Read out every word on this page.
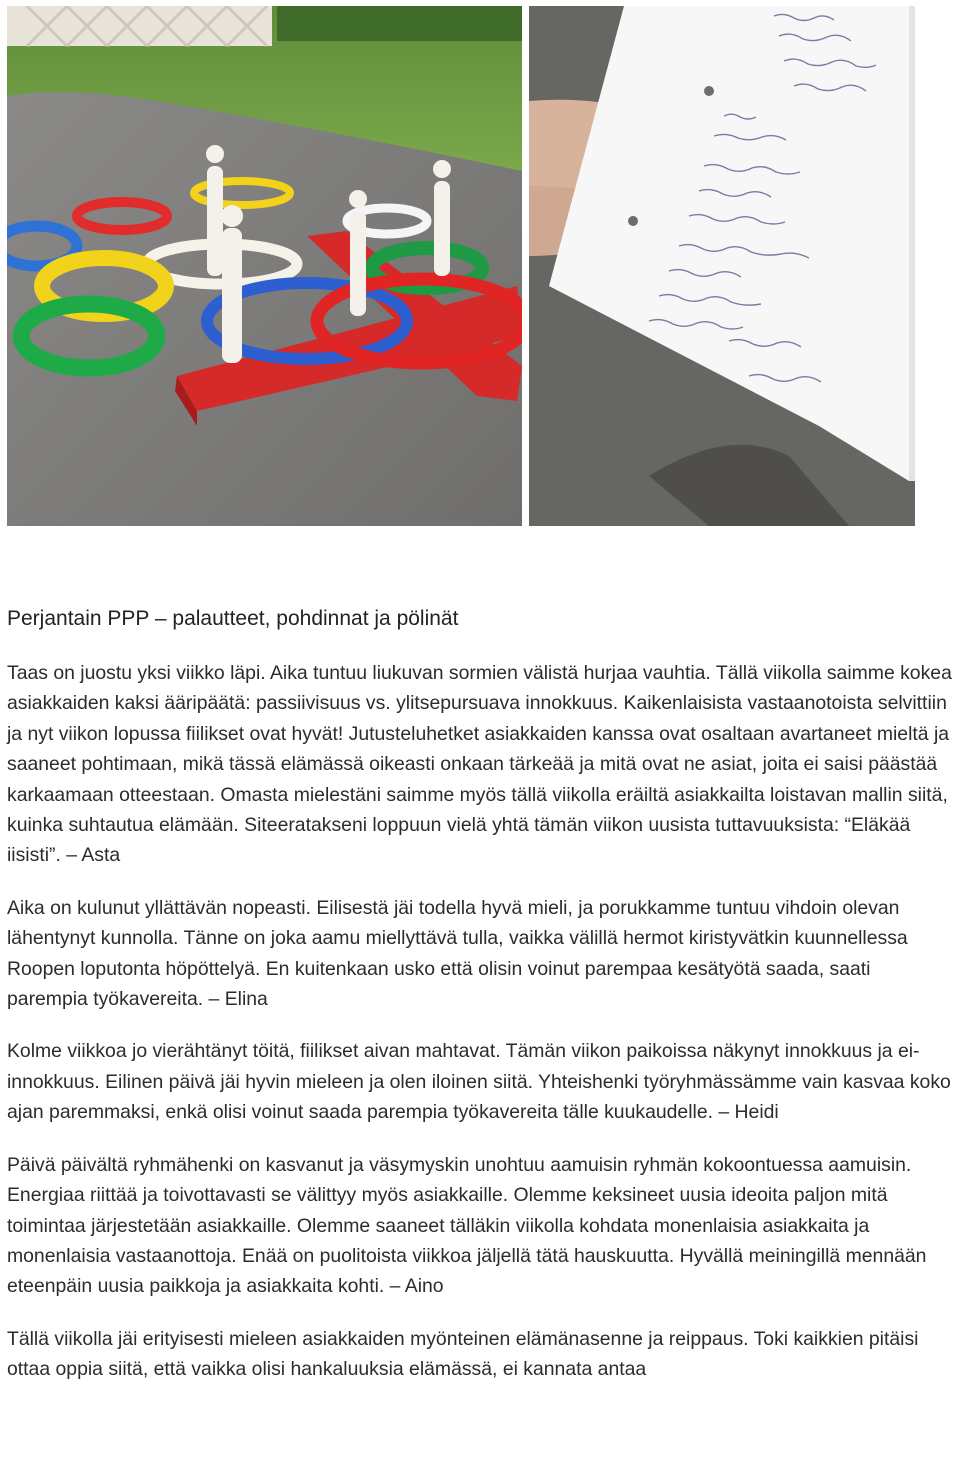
Perjantain PPP – palautteet, pohdinnat ja pölinät

Taas on juostu yksi viikko läpi. Aika tuntuu liukuvan sormien välistä hurjaa vauhtia. Tällä viikolla saimme kokea asiakkaiden kaksi ääripäätä: passiivisuus vs. ylitsepursuava innokkuus. Kaikenlaisista vastaanotoista selvittiin ja nyt viikon lopussa fiilikset ovat hyvät! Jutusteluhetket asiakkaiden kanssa ovat osaltaan avartaneet mieltä ja saaneet pohtimaan, mikä tässä elämässä oikeasti onkaan tärkeää ja mitä ovat ne asiat, joita ei saisi päästää karkaamaan otteestaan. Omasta mielestäni saimme myös tällä viikolla eräiltä asiakkailta loistavan mallin siitä, kuinka suhtautua elämään. Siteeratakseni loppuun vielä yhtä tämän viikon uusista tuttavuuksista: “Eläkää iisisti”. – Asta

Aika on kulunut yllättävän nopeasti. Eilisestä jäi todella hyvä mieli, ja porukkamme tuntuu vihdoin olevan lähentynyt kunnolla. Tänne on joka aamu miellyttävä tulla, vaikka välillä hermot kiristyvätkin kuunnellessa Roopen loputonta höpöttelyä. En kuitenkaan usko että olisin voinut parempaa kesätyötä saada, saati parempia työkavereita. – Elina

Kolme viikkoa jo vierähtänyt töitä, fiilikset aivan mahtavat. Tämän viikon paikoissa näkynyt innokkuus ja ei-innokkuus. Eilinen päivä jäi hyvin mieleen ja olen iloinen siitä. Yhteishenki työryhmässämme vain kasvaa koko ajan paremmaksi, enkä olisi voinut saada parempia työkavereita tälle kuukaudelle. – Heidi

Päivä päivältä ryhmähenki on kasvanut ja väsymyskin unohtuu aamuisin ryhmän kokoontuessa aamuisin. Energiaa riittää ja toivottavasti se välittyy myös asiakkaille. Olemme keksineet uusia ideoita paljon mitä toimintaa järjestetään asiakkaille. Olemme saaneet tälläkin viikolla kohdata monenlaisia asiakkaita ja monenlaisia vastaanottoja. Enää on puolitoista viikkoa jäljellä tätä hauskuutta. Hyvällä meiningillä mennään eteenpäin uusia paikkoja ja asiakkaita kohti. – Aino

Tällä viikolla jäi erityisesti mieleen asiakkaiden myönteinen elämänasenne ja reippaus. Toki kaikkien pitäisi ottaa oppia siitä, että vaikka olisi hankaluuksia elämässä, ei kannata antaa
